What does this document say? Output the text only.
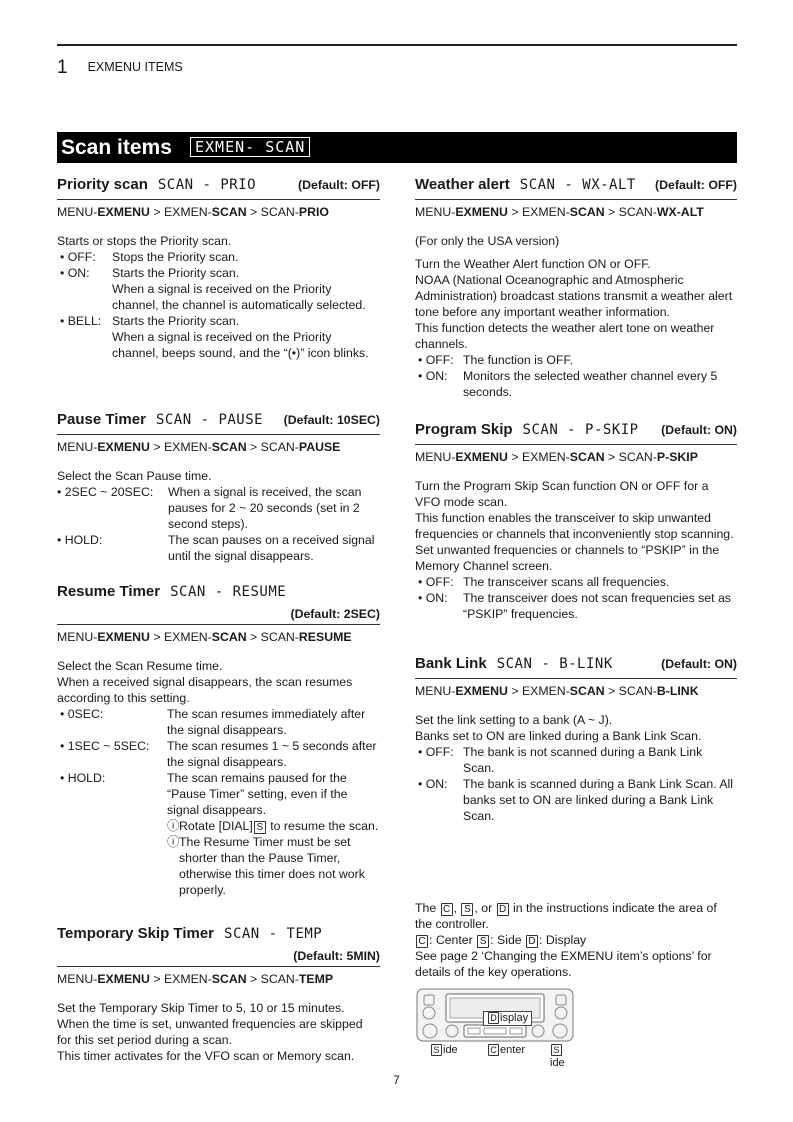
1 EXMENU ITEMS
Scan items	EXMEN- SCAN
Priority scan SCAN - PRIO	(Default: OFF)
MENU-EXMENU > EXMEN-SCAN > SCAN-PRIO

Starts or stops the Priority scan.

• OFF:	Stops the Priority scan.
• ON:	Starts the Priority scan.
When a signal is received on the Priority channel, the channel is automatically selected.
• BELL: Starts the Priority scan.
When a signal is received on the Priority channel, beeps sound, and the “(•)” icon blinks.
Pause Timer SCAN - PAUSE (Default: 10SEC)
MENU-EXMENU > EXMEN-SCAN > SCAN-PAUSE

Select the Scan Pause time.

• 2SEC ~ 20SEC:	When a signal is received, the scan pauses for 2 ~ 20 seconds (set in 2 second steps).
• HOLD:	The scan pauses on a received signal until the signal disappears.
Resume Timer SCAN - RESUME
(Default: 2SEC)
MENU-EXMENU > EXMEN-SCAN > SCAN-RESUME

Select the Scan Resume time.

When a received signal disappears, the scan resumes according to this setting.

• 0SEC:	The scan resumes immediately after the signal disappears.
• 1SEC ~ 5SEC:	The scan resumes 1 ~ 5 seconds after the signal disappears.
• HOLD:	The scan remains paused for the “Pause Timer” setting, even if the signal disappears.
ⓘ Rotate [DIAL] S to resume the scan.
ⓘ The Resume Timer must be set shorter than the Pause Timer, otherwise this timer does not work properly.
Temporary Skip Timer SCAN - TEMP
(Default: 5MIN)
MENU-EXMENU > EXMEN-SCAN > SCAN-TEMP

Set the Temporary Skip Timer to 5, 10 or 15 minutes.

When the time is set, unwanted frequencies are skipped for this set period during a scan.

This timer activates for the VFO scan or Memory scan.

Weather alert SCAN - WX-ALT (Default: OFF)
MENU-EXMENU > EXMEN-SCAN > SCAN-WX-ALT

(For only the USA version)

Turn the Weather Alert function ON or OFF.

NOAA (National Oceanographic and Atmospheric Administration) broadcast stations transmit a weather alert tone before any important weather information.

This function detects the weather alert tone on weather channels.

• OFF: The function is OFF.
• ON:	Monitors the selected weather channel every 5 seconds.
Program Skip SCAN - P-SKIP (Default: ON)
MENU-EXMENU > EXMEN-SCAN > SCAN-P-SKIP

Turn the Program Skip Scan function ON or OFF for a VFO mode scan.

This function enables the transceiver to skip unwanted frequencies or channels that inconveniently stop scanning.

Set unwanted frequencies or channels to “PSKIP” in the Memory Channel screen.

• OFF: The transceiver scans all frequencies.
• ON:	The transceiver does not scan frequencies set as “PSKIP” frequencies.
Bank Link SCAN - B-LINK	(Default: ON)
MENU-EXMENU > EXMEN-SCAN > SCAN-B-LINK

Set the link setting to a bank (A ~ J).

Banks set to ON are linked during a Bank Link Scan.

• OFF: The bank is not scanned during a Bank Link Scan.
• ON:	The bank is scanned during a Bank Link Scan. All banks set to ON are linked during a Bank Link Scan.

The C , S , or D in the instructions indicate the area of the controller.

C : Center S : Side D : Display

See page 2 ‘Changing the EXMENU item’s options’ for details of the key operations.

D isplay
S ide	C enter	Side
7
